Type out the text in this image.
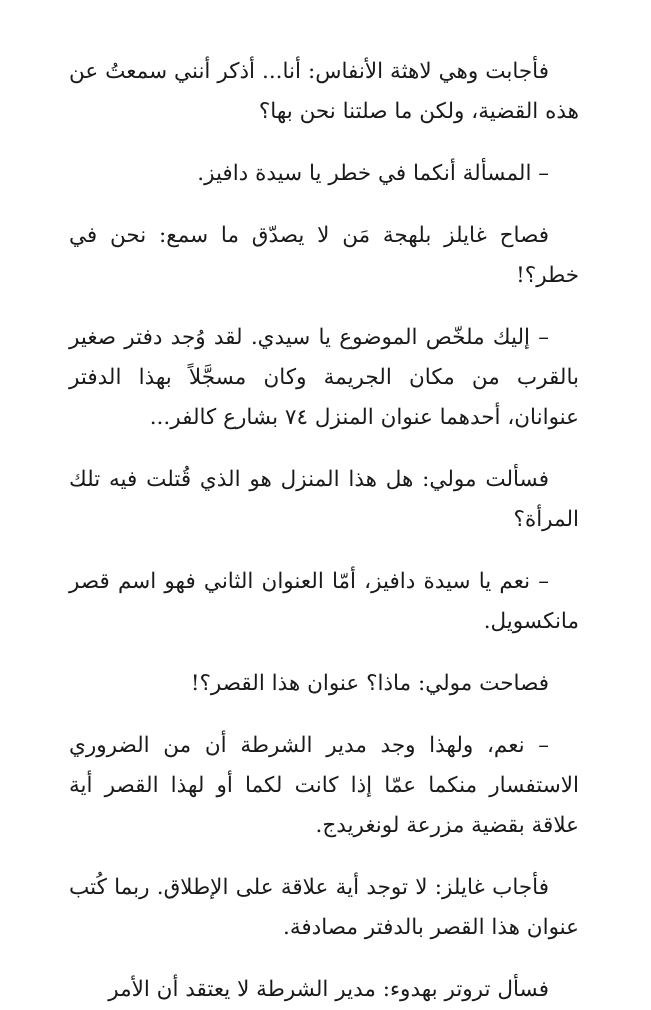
فأجابت وهي لاهثة الأنفاس: أنا... أذكر أنني سمعتُ عن هذه القضية، ولكن ما صلتنا نحن بها؟

– المسألة أنكما في خطر يا سيدة دافيز.

فصاح غايلز بلهجة مَن لا يصدّق ما سمع: نحن في خطر؟!

– إليك ملخّص الموضوع يا سيدي. لقد وُجد دفتر صغير بالقرب من مكان الجريمة وكان مسجَّلاً بهذا الدفتر عنوانان، أحدهما عنوان المنزل ٧٤ بشارع كالفر...

فسألت مولي: هل هذا المنزل هو الذي قُتلت فيه تلك المرأة؟

– نعم يا سيدة دافيز، أمّا العنوان الثاني فهو اسم قصر مانكسويل.

فصاحت مولي: ماذا؟ عنوان هذا القصر؟!

– نعم، ولهذا وجد مدير الشرطة أن من الضروري الاستفسار منكما عمّا إذا كانت لكما أو لهذا القصر أية علاقة بقضية مزرعة لونغريدج.

فأجاب غايلز: لا توجد أية علاقة على الإطلاق. ربما كُتب عنوان هذا القصر بالدفتر مصادفة.

فسأل تروتر بهدوء: مدير الشرطة لا يعتقد أن الأمر
